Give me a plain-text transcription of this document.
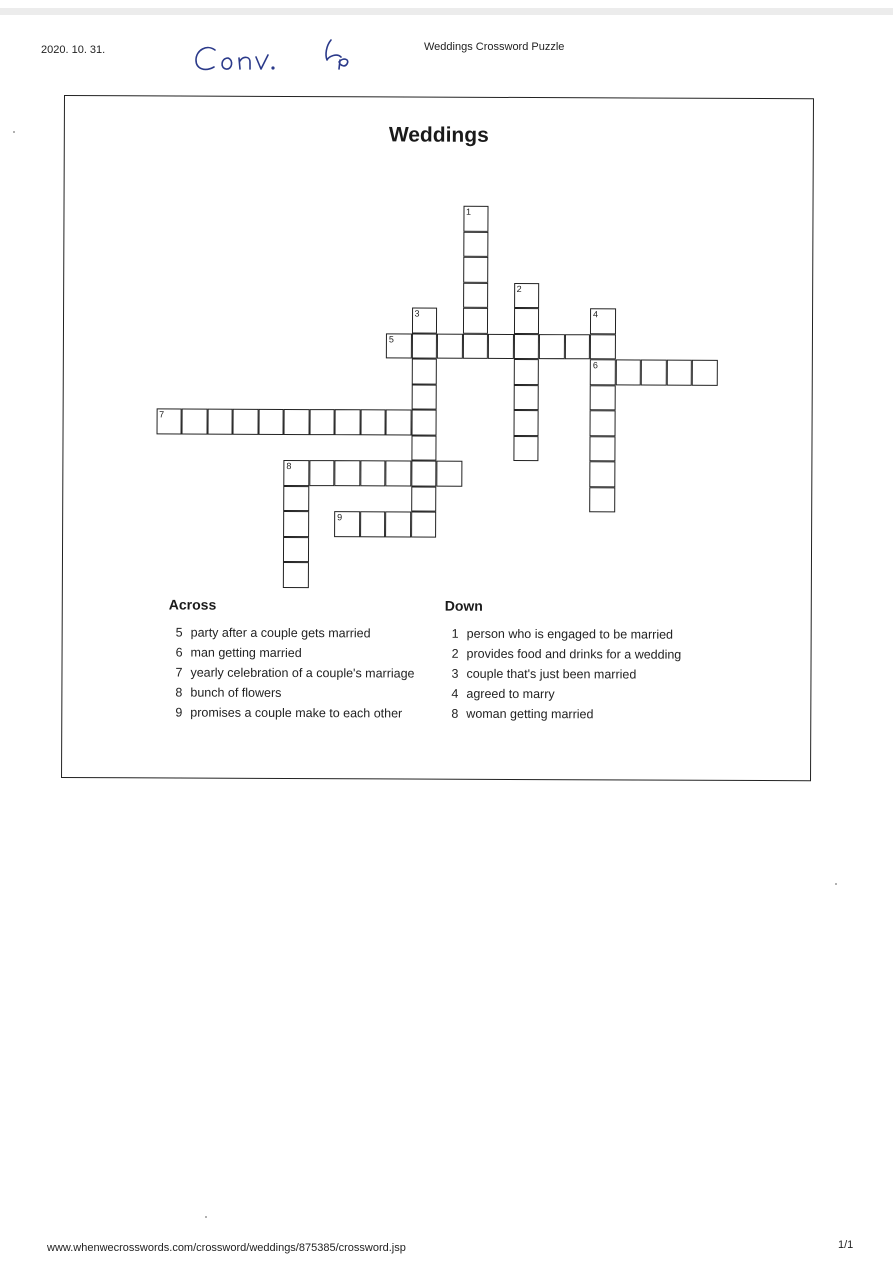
2020. 10. 31.	Weddings Crossword Puzzle
Weddings
1
2
3	4
6
5
7
8
9
Across
5 party after a couple gets married
6 man getting married
7 yearly celebration of a couple's marriage
8 bunch of flowers
9 promises a couple make to each other
Down
1 person who is engaged to be married
2 provides food and drinks for a wedding
3 couple that's just been married
4 agreed to marry
8 woman getting married
www.whenwecrosswords.com/crossword/weddings/875385/crossword.jsp	1/1
